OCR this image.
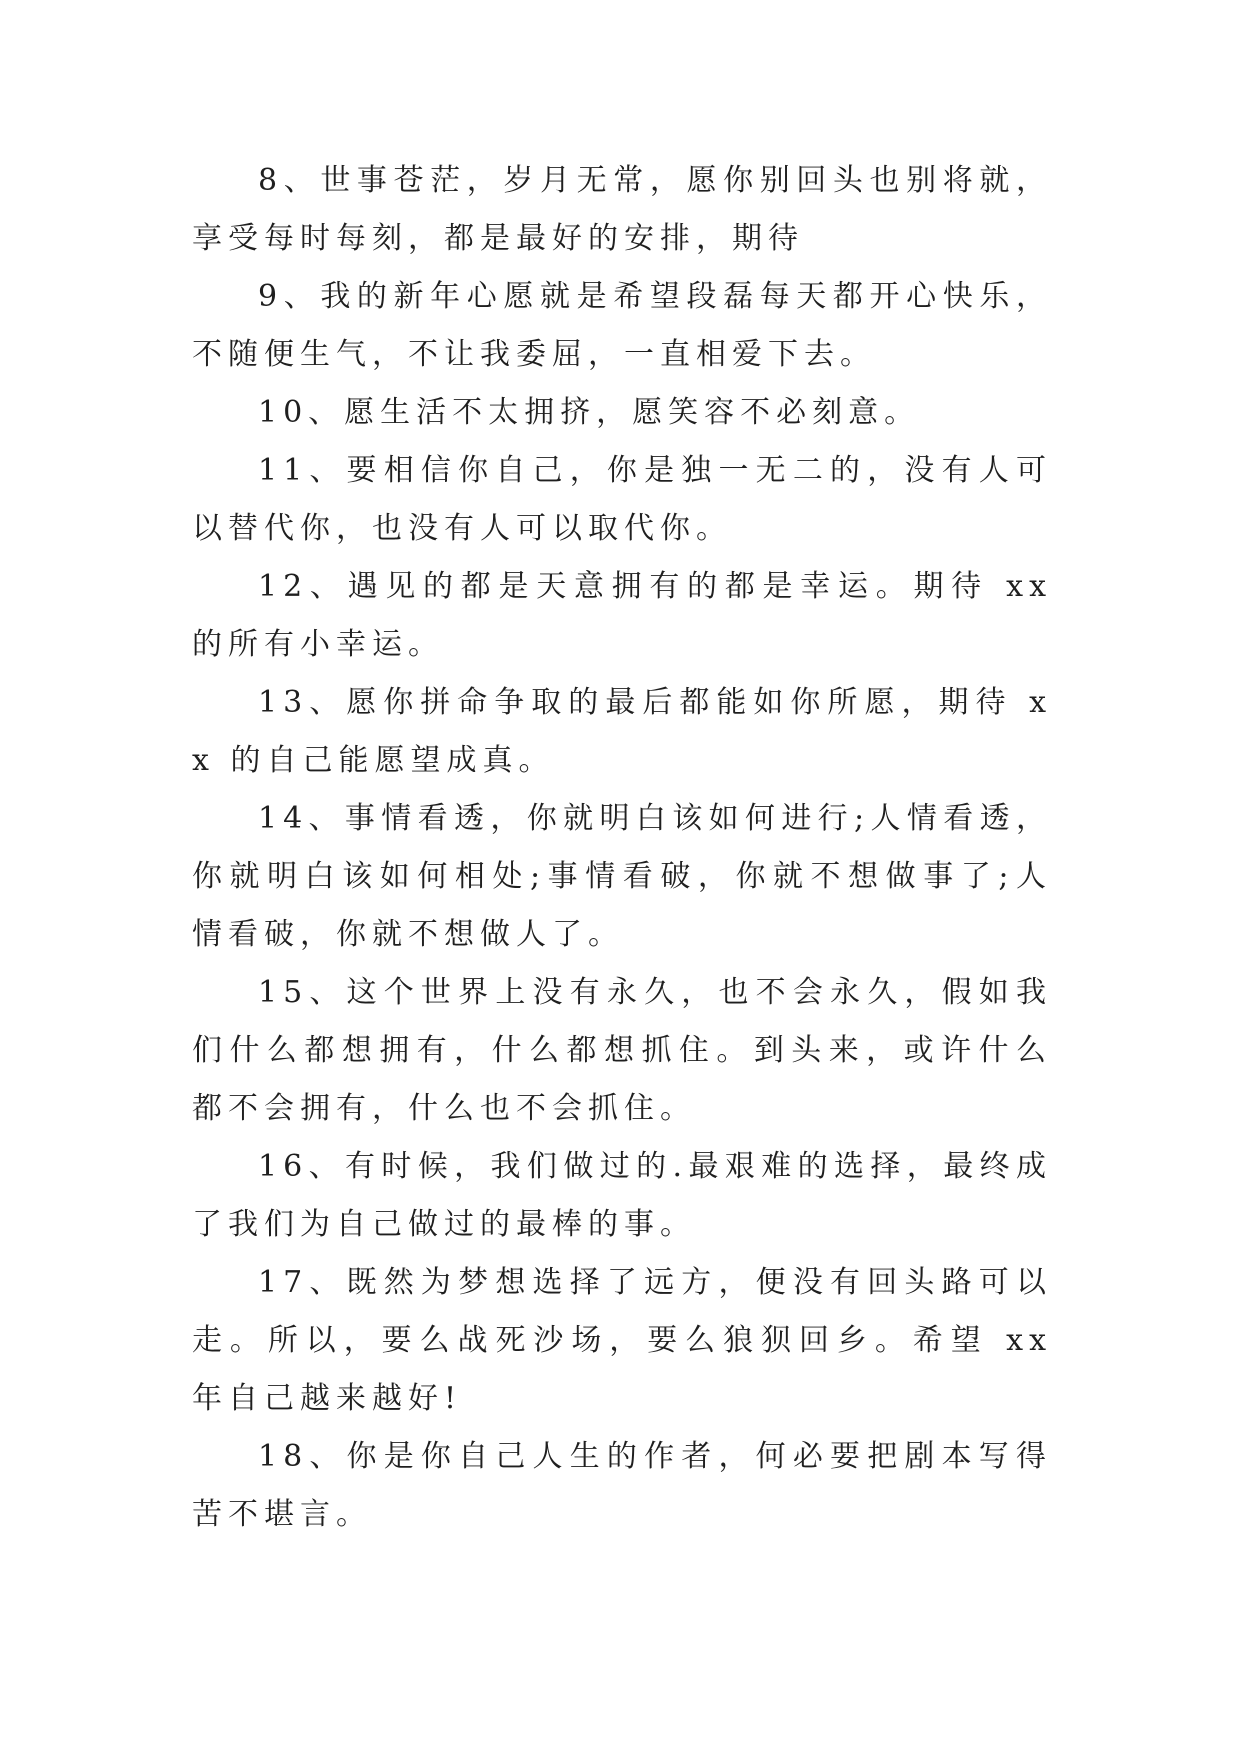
8、世事苍茫，岁月无常，愿你别回头也别将就，享受每时每刻，都是最好的安排，期待

9、我的新年心愿就是希望段磊每天都开心快乐，不随便生气，不让我委屈，一直相爱下去。

10、愿生活不太拥挤，愿笑容不必刻意。

11、要相信你自己，你是独一无二的，没有人可以替代你，也没有人可以取代你。

12、遇见的都是天意拥有的都是幸运。期待 xx 的所有小幸运。

13、愿你拼命争取的最后都能如你所愿，期待 xx 的自己能愿望成真。

14、事情看透，你就明白该如何进行;人情看透，你就明白该如何相处;事情看破，你就不想做事了;人情看破，你就不想做人了。

15、这个世界上没有永久，也不会永久，假如我们什么都想拥有，什么都想抓住。到头来，或许什么都不会拥有，什么也不会抓住。

16、有时候，我们做过的.最艰难的选择，最终成了我们为自己做过的最棒的事。

17、既然为梦想选择了远方，便没有回头路可以走。所以，要么战死沙场，要么狼狈回乡。希望 xx 年自己越来越好!

18、你是你自己人生的作者，何必要把剧本写得苦不堪言。
